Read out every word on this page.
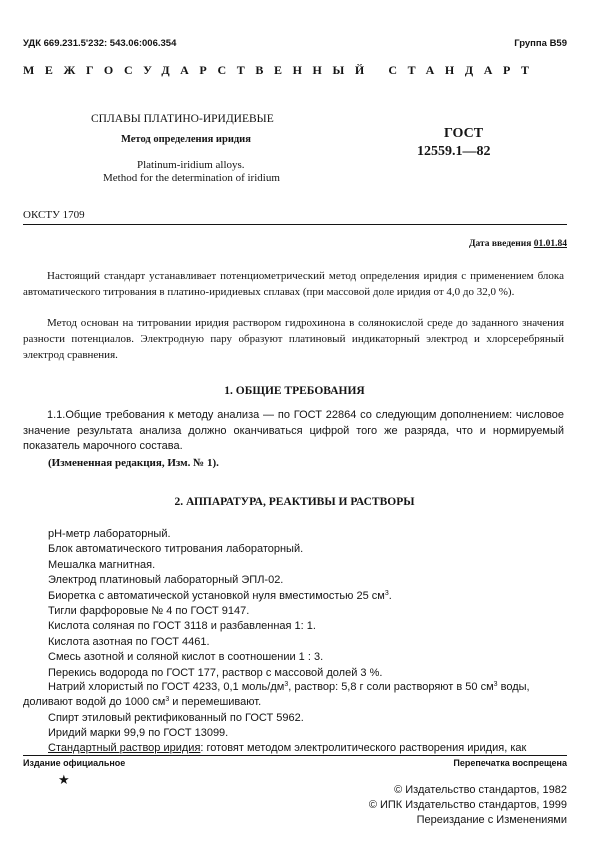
УДК 669.231.5'232: 543.06:006.354	Группа В59
МЕЖГОСУДАРСТВЕННЫЙ СТАНДАРТ
СПЛАВЫ ПЛАТИНО-ИРИДИЕВЫЕ
Метод определения иридия
Platinum-iridium alloys.
Method for the determination of iridium
ГОСТ
12559.1—82
ОКСТУ 1709
Дата введения 01.01.84

Настоящий стандарт устанавливает потенциометрический метод определения иридия с применением блока автоматического титрования в платино-иридиевых сплавах (при массовой доле иридия от 4,0 до 32,0 %).

Метод основан на титровании иридия раствором гидрохинона в солянокислой среде до заданного значения разности потенциалов. Электродную пару образуют платиновый индикаторный электрод и хлорсеребряный электрод сравнения.

1. ОБЩИЕ ТРЕБОВАНИЯ

1.1.Общие требования к методу анализа — по ГОСТ 22864 со следующим дополнением: числовое значение результата анализа должно оканчиваться цифрой того же разряда, что и нормируемый показатель марочного состава.

(Измененная редакция, Изм. № 1).
2. АППАРАТУРА, РЕАКТИВЫ И РАСТВОРЫ
pH-метр лабораторный.
Блок автоматического титрования лабораторный.
Мешалка магнитная.
Электрод платиновый лабораторный ЭПЛ-02.
Биоретка с автоматической установкой нуля вместимостью 25 $см^3$.
Тигли фарфоровые № 4 по ГОСТ 9147.
Кислота соляная по ГОСТ 3118 и разбавленная 1: 1.
Кислота азотная по ГОСТ 4461.
Смесь азотной и соляной кислот в соотношении 1 : 3.
Перекись водорода по ГОСТ 177, раствор с массовой долей 3 %.
Натрий хлористый по ГОСТ 4233, 0,1 моль/$дм^3$, раствор: 5,8 г соли растворяют в 50 $см^3$ воды,
доливают водой до 1000 $см^3$ и перемешивают.
Спирт этиловый ректификованный по ГОСТ 5962.
Иридий марки 99,9 по ГОСТ 13099.
Стандартный раствор иридия: готовят методом электролитического растворения иридия, как
Издание официальное	Перепечатка воспрещена
★
© Издательство стандартов, 1982
© ИПК Издательство стандартов, 1999
Переиздание с Изменениями
